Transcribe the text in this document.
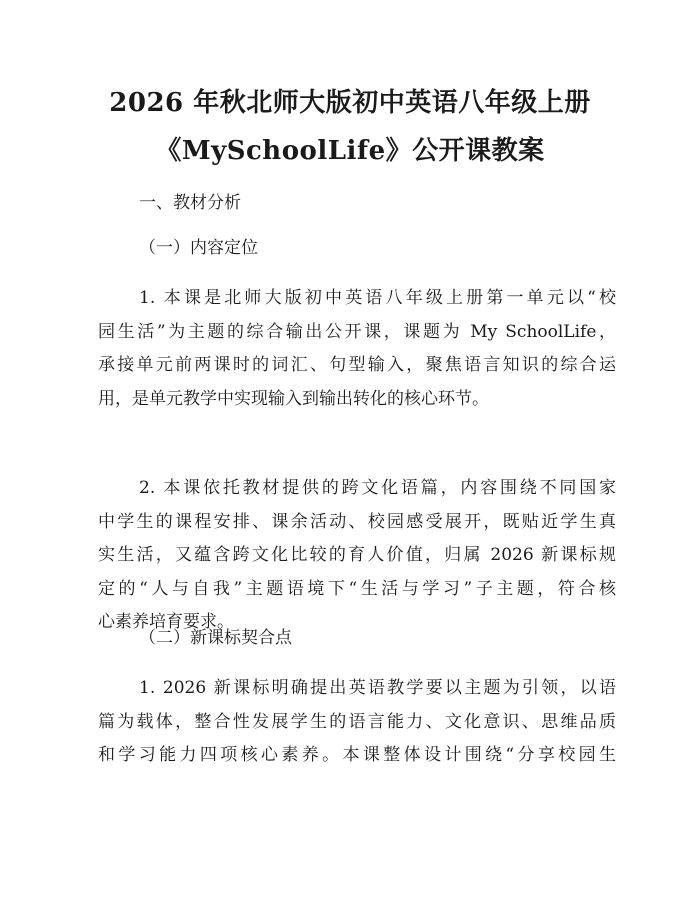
2026 年秋北师大版初中英语八年级上册
《MySchoolLife》公开课教案
一、教材分析
（一）内容定位
1. 本课是北师大版初中英语八年级上册第一单元以“校
园生活”为主题的综合输出公开课，课题为 My SchoolLife，
承接单元前两课时的词汇、句型输入，聚焦语言知识的综合运
用，是单元教学中实现输入到输出转化的核心环节。
2. 本课依托教材提供的跨文化语篇，内容围绕不同国家
中学生的课程安排、课余活动、校园感受展开，既贴近学生真
实生活，又蕴含跨文化比较的育人价值，归属 2026 新课标规
定的“人与自我”主题语境下“生活与学习”子主题，符合核
心素养培育要求。
（二）新课标契合点
1. 2026 新课标明确提出英语教学要以主题为引领，以语
篇为载体，整合性发展学生的语言能力、文化意识、思维品质
和学习能力四项核心素养。本课整体设计围绕“分享校园生
